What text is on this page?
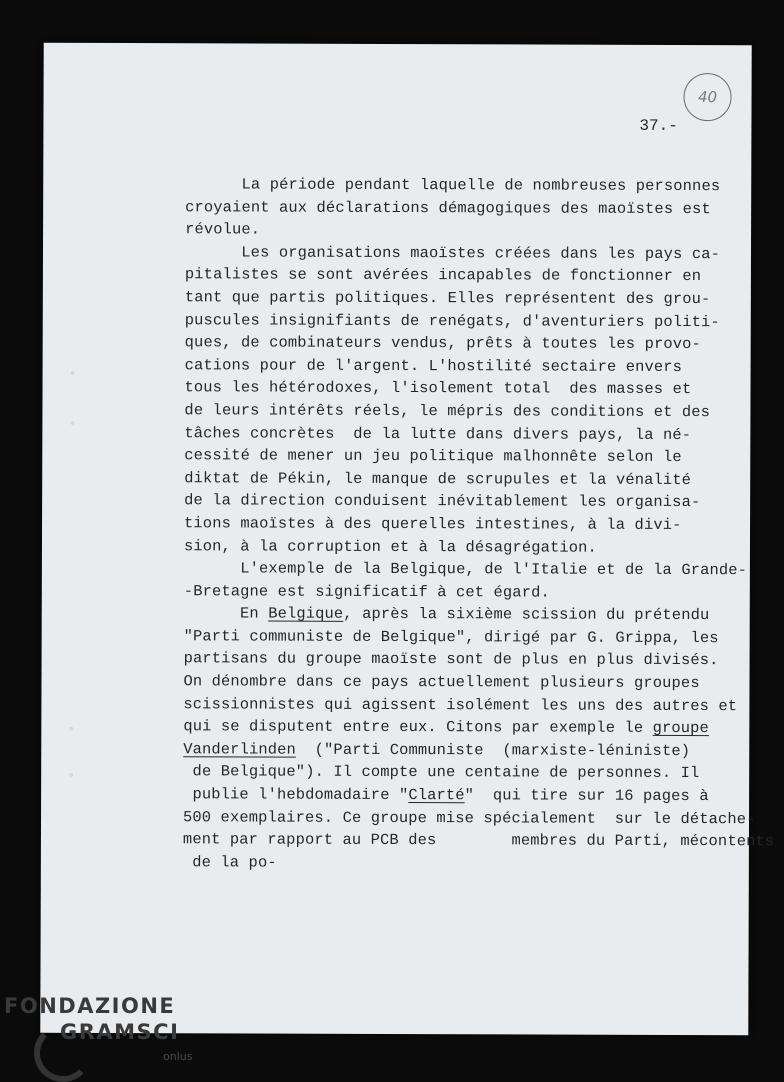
40
37.-
La période pendant laquelle de nombreuses personnes
croyaient aux déclarations démagogiques des maoïstes est
révolue.
Les organisations maoïstes créées dans les pays ca-
pitalistes se sont avérées incapables de fonctionner en
tant que partis politiques. Elles représentent des grou-
puscules insignifiants de renégats, d'aventuriers politi-
ques, de combinateurs vendus, prêts à toutes les provo-
cations pour de l'argent. L'hostilité sectaire envers
tous les hétérodoxes, l'isolement total  des masses et
de leurs intérêts réels, le mépris des conditions et des
tâches concrètes  de la lutte dans divers pays, la né-
cessité de mener un jeu politique malhonnête selon le
diktat de Pékin, le manque de scrupules et la vénalité
de la direction conduisent inévitablement les organisa-
tions maoïstes à des querelles intestines, à la divi-
sion, à la corruption et à la désagrégation.
L'exemple de la Belgique, de l'Italie et de la Grande-
-Bretagne est significatif à cet égard.
En Belgique, après la sixième scission du prétendu
"Parti communiste de Belgique", dirigé par G. Grippa, les
partisans du groupe maoïste sont de plus en plus divisés.
On dénombre dans ce pays actuellement plusieurs groupes
scissionnistes qui agissent isolément les uns des autres et
qui se disputent entre eux. Citons par exemple le groupe
Vanderlinden  ("Parti Communiste  (marxiste-léniniste)
de Belgique"). Il compte une centaine de personnes. Il
publie l'hebdomadaire "Clarté"  qui tire sur 16 pages à
500 exemplaires. Ce groupe mise spécialement  sur le détache-
ment par rapport au PCB des        membres du Parti, mécontents
de la po-
FONDAZIONE
GRAMSCI
onlus
